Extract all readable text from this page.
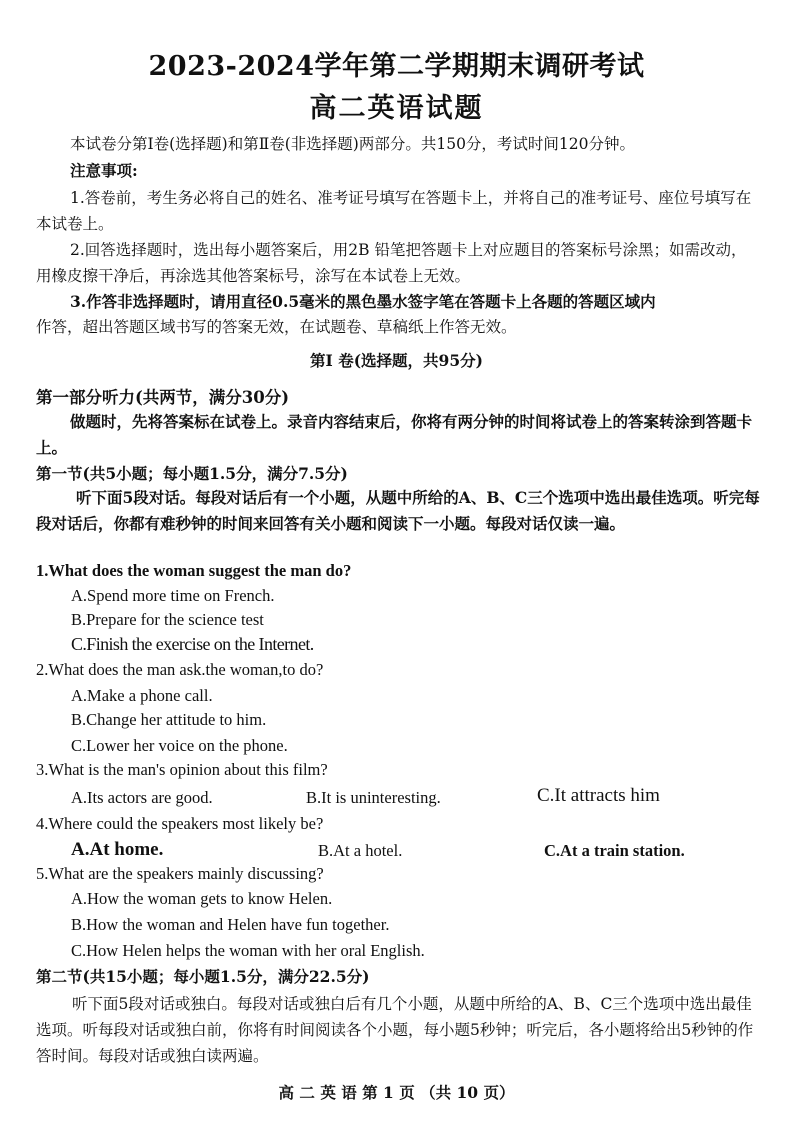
2023-2024学年第二学期期末调研考试
高二英语试题
本试卷分第I卷(选择题)和第Ⅱ卷(非选择题)两部分。共150分，考试时间120分钟。
注意事项:
1.答卷前，考生务必将自己的姓名、准考证号填写在答题卡上，并将自己的准考证号、座位号填写在本试卷上。
2.回答选择题时，选出每小题答案后，用2B 铅笔把答题卡上对应题目的答案标号涂黑；如需改动，用橡皮擦干净后，再涂选其他答案标号，涂写在本试卷上无效。
3.作答非选择题时，请用直径0.5毫米的黑色墨水签字笔在答题卡上各题的答题区域内
作答，超出答题区域书写的答案无效，在试题卷、草稿纸上作答无效。
第I 卷(选择题，共95分)
第一部分听力(共两节，满分30分)
做题时，先将答案标在试卷上。录音内容结束后，你将有两分钟的时间将试卷上的答案转涂到答题卡上。
第一节(共5小题；每小题1.5分，满分7.5分)
听下面5段对话。每段对话后有一个小题，从题中所给的A、B、C三个选项中选出最佳选项。听完每段对话后，你都有难秒钟的时间来回答有关小题和阅读下一小题。每段对话仅读一遍。
1.What does the woman suggest the man do?
A.Spend more time on French.
B.Prepare for the science test
C.Finish the exercise on the Internet.
2.What does the man ask.the woman,to do?
A.Make a phone call.
B.Change her attitude to him.
C.Lower her voice on the phone.
3.What is the man's opinion about this film?
A.Its actors are good.	B.It is uninteresting.	C.It attracts him
4.Where could the speakers most likely be?
A.At home.	B.At a hotel.	C.At a train station.
5.What are the speakers mainly discussing?
A.How the woman gets to know Helen.
B.How the woman and Helen have fun together.
C.How Helen helps the woman with her oral English.
第二节(共15小题；每小题1.5分，满分22.5分)
听下面5段对话或独白。每段对话或独白后有几个小题，从题中所给的A、B、C三个选项中选出最佳选项。听每段对话或独白前，你将有时间阅读各个小题，每小题5秒钟；听完后，各小题将给出5秒钟的作答时间。每段对话或独白读两遍。
高 二 英 语 第 1 页 （共 10 页）
